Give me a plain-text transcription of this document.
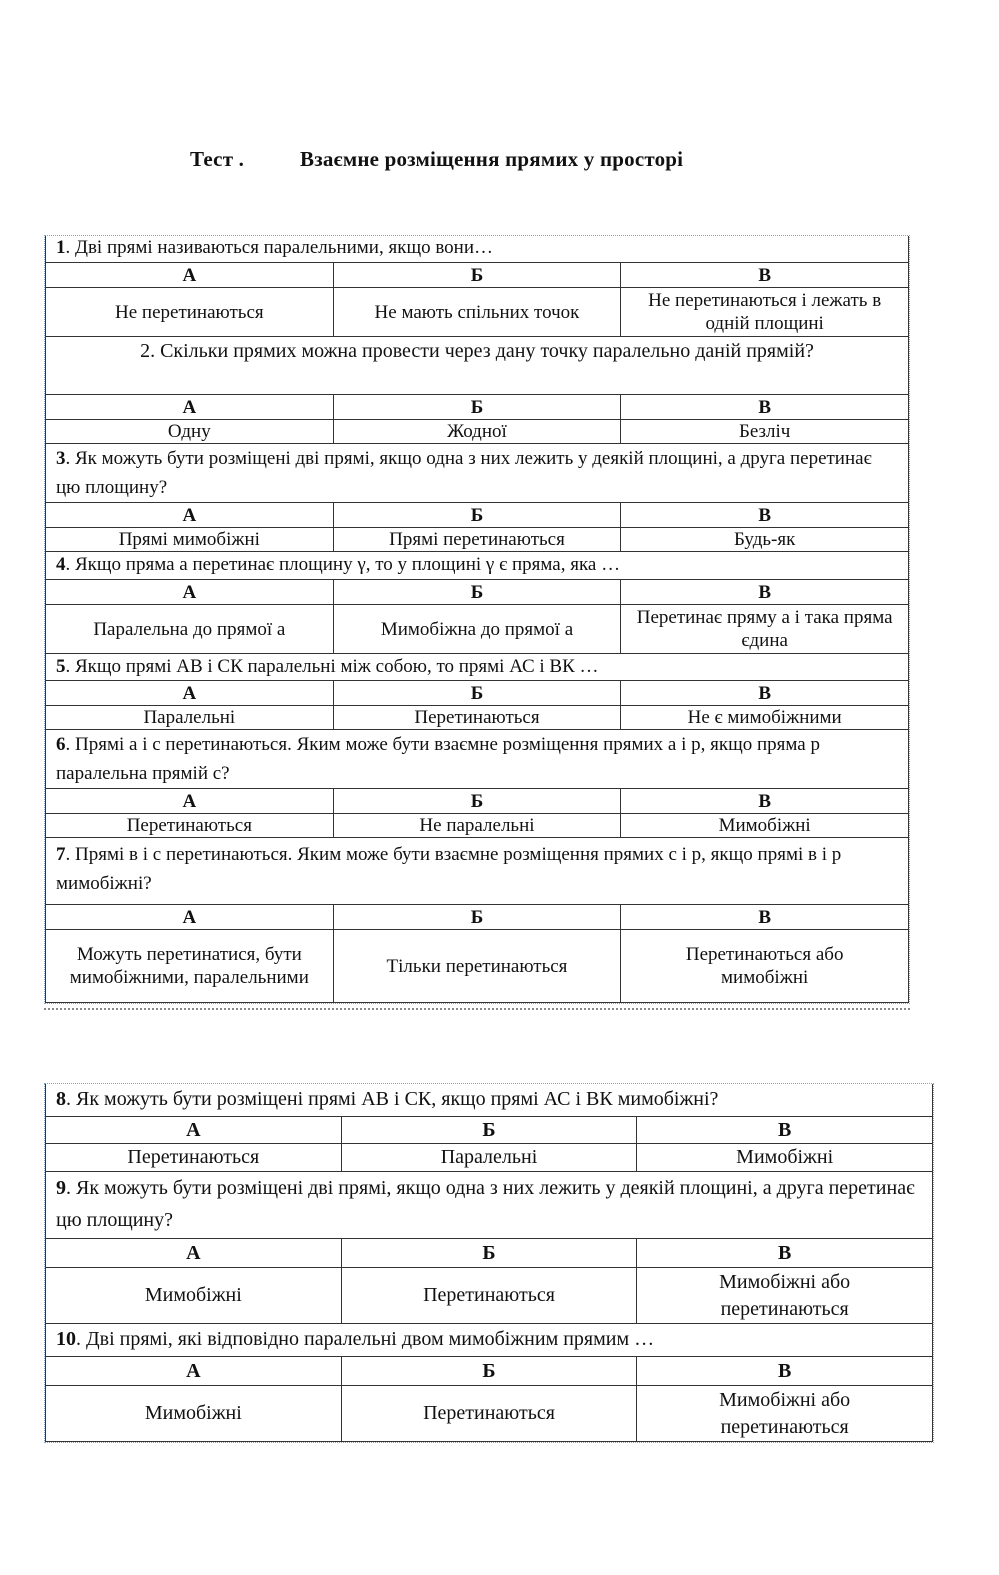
Тест .	Взаємне розміщення прямих у просторі
1. Дві прямі називаються паралельними, якщо вони…
А	Б	В
Не перетинаються	Не мають спільних точок	Не перетинаються і лежать в одній площині
2. Скільки прямих можна провести через дану точку паралельно даній прямій?
А	Б	В
Одну	Жодної	Безліч
3. Як можуть бути розміщені дві прямі, якщо одна з них лежить у деякій площині, а друга перетинає цю площину?
А	Б	В
Прямі мимобіжні	Прямі перетинаються	Будь-як
4. Якщо пряма a перетинає площину γ, то у площині γ є пряма, яка …
А	Б	В
Паралельна до прямої a	Мимобіжна до прямої a	Перетинає пряму a і така пряма єдина
5. Якщо прямі АВ і СК паралельні між собою, то прямі АС і ВК …
А	Б	В
Паралельні	Перетинаються	Не є мимобіжними
6. Прямі a і c перетинаються. Яким може бути взаємне розміщення прямих a і p, якщо пряма p паралельна прямій c?
А	Б	В
Перетинаються	Не паралельні	Мимобіжні
7. Прямі в і c перетинаються. Яким може бути взаємне розміщення прямих c і p, якщо прямі в і p мимобіжні?
А	Б	В
Можуть перетинатися, бути мимобіжними, паралельними	Тільки перетинаються	Перетинаються або мимобіжні
8. Як можуть бути розміщені прямі АВ і СК, якщо прямі АС і ВК мимобіжні?
А	Б	В
Перетинаються	Паралельні	Мимобіжні
9. Як можуть бути розміщені дві прямі, якщо одна з них лежить у деякій площині, а друга перетинає цю площину?
А	Б	В
Мимобіжні	Перетинаються	Мимобіжні або перетинаються
10. Дві прямі, які відповідно паралельні двом мимобіжним прямим …
А	Б	В
Мимобіжні	Перетинаються	Мимобіжні або перетинаються
